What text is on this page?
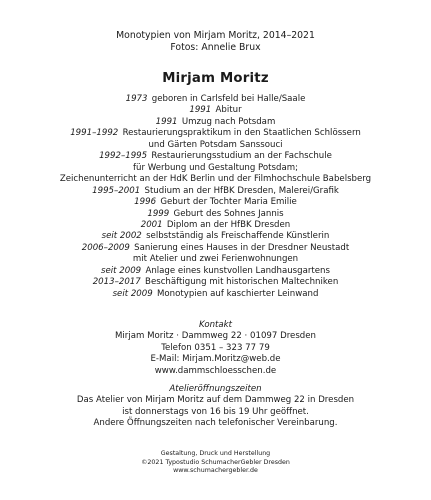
Monotypien von Mirjam Moritz, 2014–2021
Fotos: Annelie Brux
Mirjam Moritz
1973  geboren in Carlsfeld bei Halle/Saale
1991  Abitur
1991  Umzug nach Potsdam
1991–1992  Restaurierungspraktikum in den Staatlichen Schlössern
und Gärten Potsdam Sanssouci
1992–1995  Restaurierungsstudium an der Fachschule
für Werbung und Gestaltung Potsdam;
Zeichenunterricht an der HdK Berlin und der Filmhochschule Babelsberg
1995–2001  Studium an der HfBK Dresden, Malerei/Grafik
1996  Geburt der Tochter Maria Emilie
1999  Geburt des Sohnes Jannis
2001  Diplom an der HfBK Dresden
seit 2002  selbstständig als Freischaffende Künstlerin
2006–2009  Sanierung eines Hauses in der Dresdner Neustadt
mit Atelier und zwei Ferienwohnungen
seit 2009  Anlage eines kunstvollen Landhausgartens
2013–2017  Beschäftigung mit historischen Maltechniken
seit 2009  Monotypien auf kaschierter Leinwand
Kontakt
Mirjam Moritz · Dammweg 22 · 01097 Dresden
Telefon 0351 – 323 77 79
E-Mail: Mirjam.Moritz@web.de
www.dammschloesschen.de
Atelieröffnungszeiten
Das Atelier von Mirjam Moritz auf dem Dammweg 22 in Dresden
ist donnerstags von 16 bis 19 Uhr geöffnet.
Andere Öffnungszeiten nach telefonischer Vereinbarung.
Gestaltung, Druck und Herstellung
©2021 Typostudio SchumacherGebler Dresden
www.schumachergebler.de
